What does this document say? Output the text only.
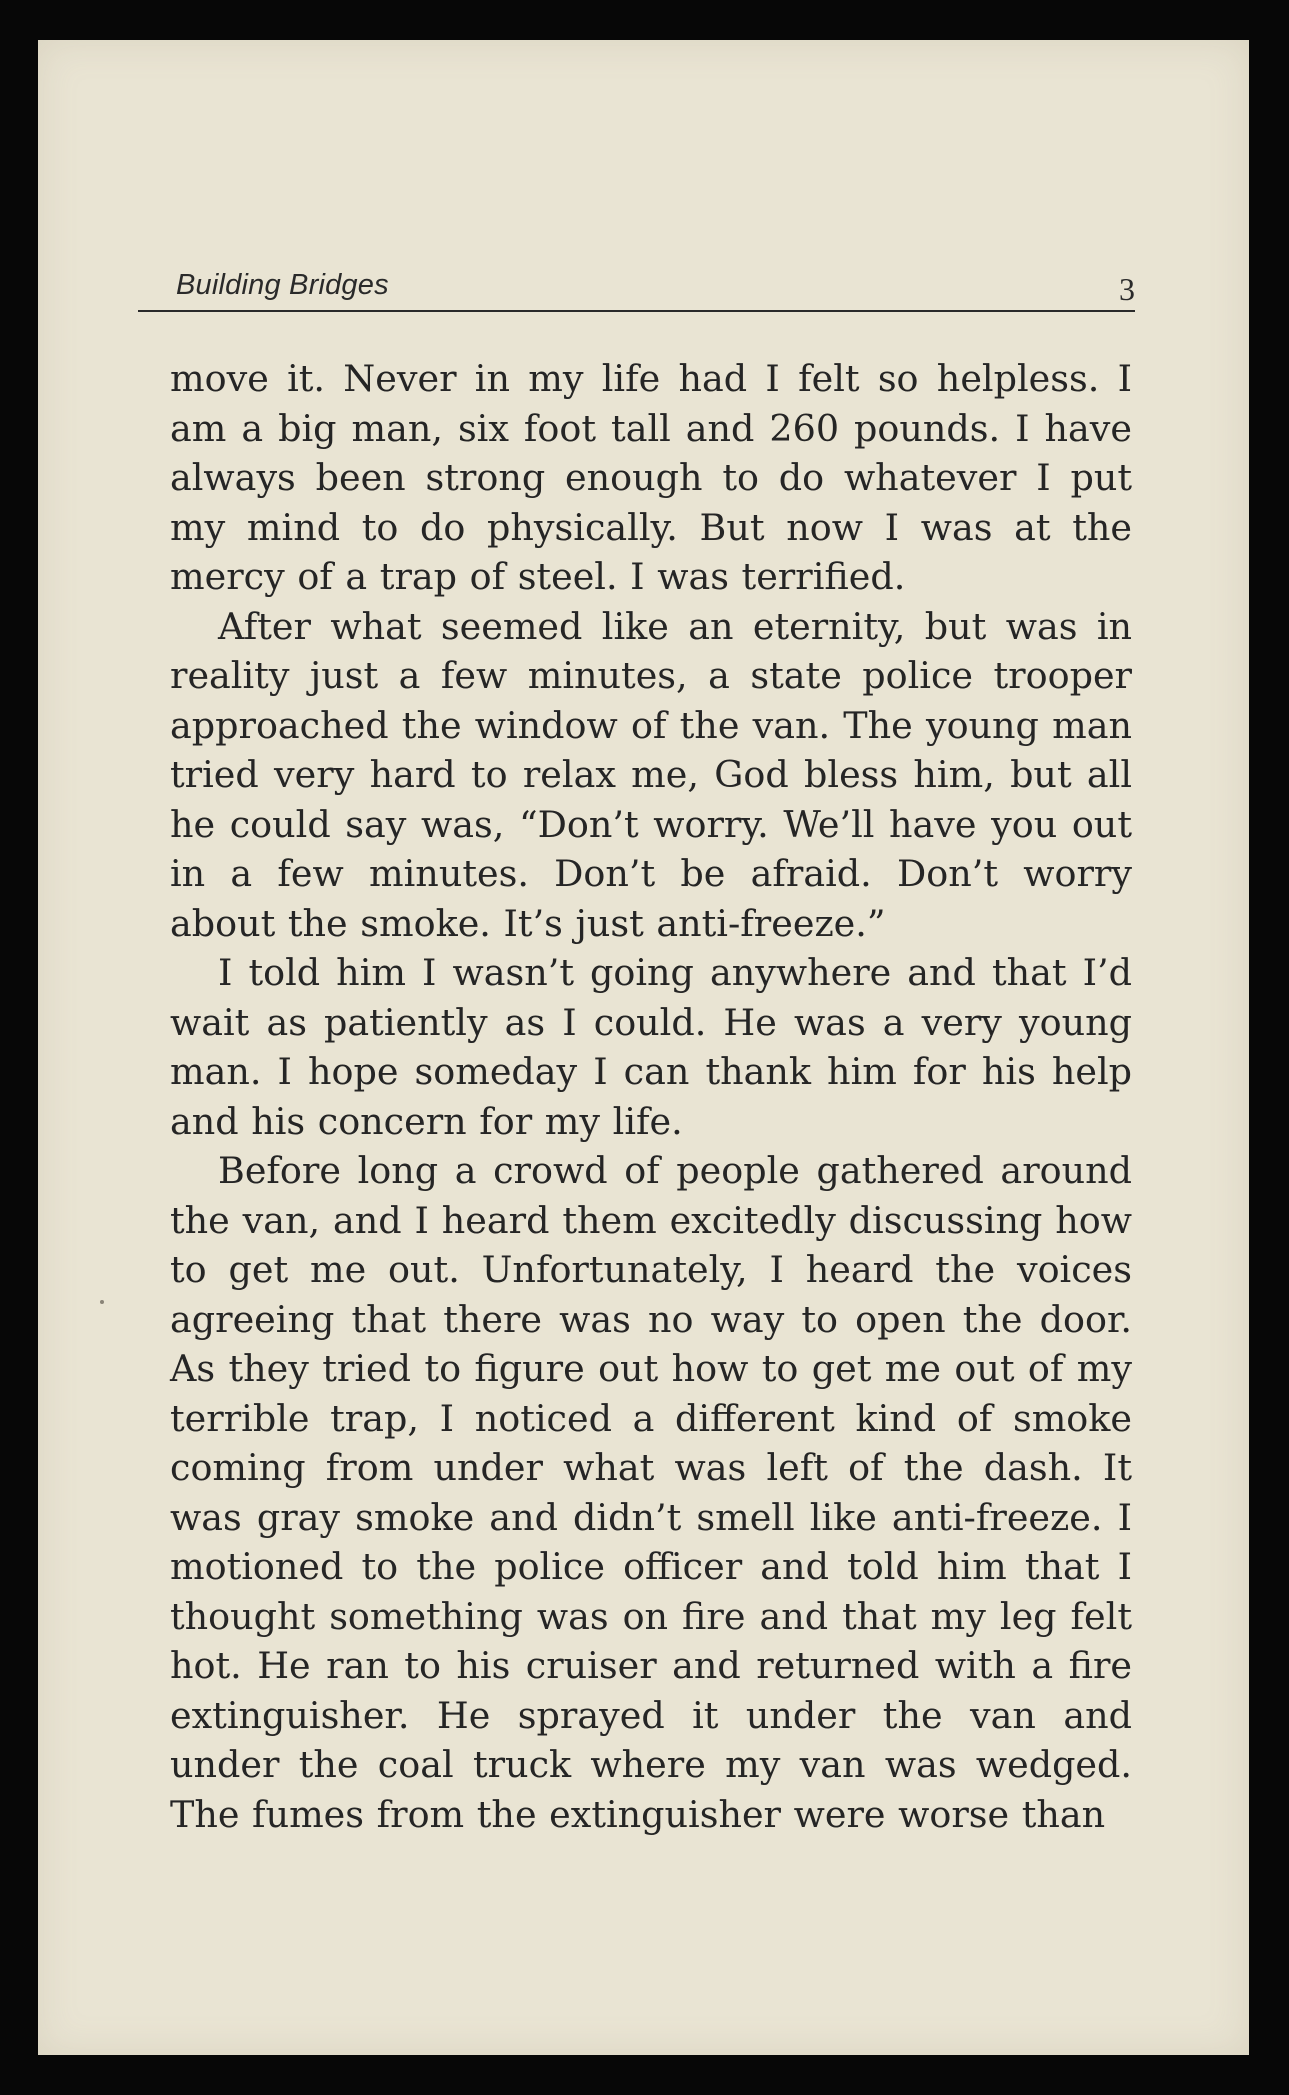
Building Bridges	3

move it. Never in my life had I felt so helpless. I am a big man, six foot tall and 260 pounds. I have always been strong enough to do whatever I put my mind to do physically. But now I was at the mercy of a trap of steel. I was terrified.

After what seemed like an eternity, but was in reality just a few minutes, a state police trooper approached the window of the van. The young man tried very hard to relax me, God bless him, but all he could say was, “Don’t worry. We’ll have you out in a few minutes. Don’t be afraid. Don’t worry about the smoke. It’s just anti-freeze.”

I told him I wasn’t going anywhere and that I’d wait as patiently as I could. He was a very young man. I hope someday I can thank him for his help and his concern for my life.

Before long a crowd of people gathered around the van, and I heard them excitedly discussing how to get me out. Unfortunately, I heard the voices agreeing that there was no way to open the door. As they tried to figure out how to get me out of my terrible trap, I noticed a different kind of smoke coming from under what was left of the dash. It was gray smoke and didn’t smell like anti-freeze. I motioned to the police officer and told him that I thought something was on fire and that my leg felt hot. He ran to his cruiser and returned with a fire extinguisher. He sprayed it under the van and under the coal truck where my van was wedged. The fumes from the extinguisher were worse than
